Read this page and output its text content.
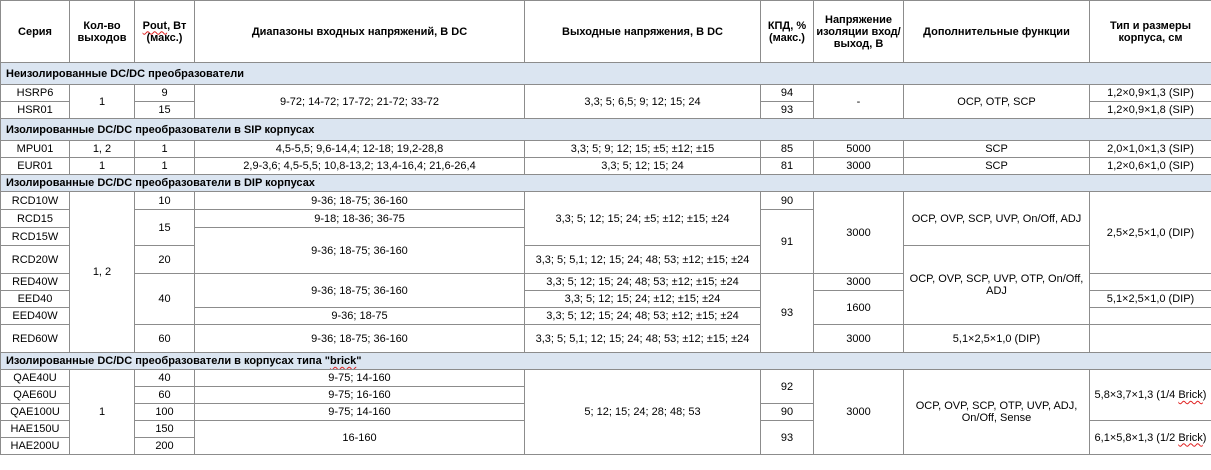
Серия	Кол-во выходов	Pout, Вт (макс.)	Диапазоны входных напряжений, В DC	Выходные напряжения, В DC	КПД, % (макс.)	Напряжение изоляции вход/выход, В	Дополнительные функции	Тип и размеры корпуса, см
Неизолированные DC/DC преобразователи								
HSRP6	1	9	9-72; 14-72; 17-72; 21-72; 33-72	3,3; 5; 6,5; 9; 12; 15; 24	94	-	OCP, OTP, SCP	1,2×0,9×1,3 (SIP)
HSR01		15			93			1,2×0,9×1,8 (SIP)
Изолированные DC/DC преобразователи в SIP корпусах								
MPU01	1, 2	1	4,5-5,5; 9,6-14,4; 12-18; 19,2-28,8	3,3; 5; 9; 12; 15; ±5; ±12; ±15	85	5000	SCP	2,0×1,0×1,3 (SIP)
EUR01	1	1	2,9-3,6; 4,5-5,5; 10,8-13,2; 13,4-16,4; 21,6-26,4	3,3; 5; 12; 15; 24	81	3000	SCP	1,2×0,6×1,0 (SIP)
Изолированные DC/DC преобразователи в DIP корпусах								
RCD10W	1, 2	10	9-36; 18-75; 36-160	3,3; 5; 12; 15; 24; ±5; ±12; ±15; ±24	90	3000	OCP, OVP, SCP, UVP, On/Off, ADJ	2,5×2,5×1,0 (DIP)
RCD15		15	9-18; 18-36; 36-75		91			
RCD15W			9-36; 18-75; 36-160					
RCD20W		20		3,3; 5; 5,1; 12; 15; 24; 48; 53; ±12; ±15; ±24			OCP, OVP, SCP, UVP, OTP, On/Off, ADJ	
RED40W		40	9-36; 18-75; 36-160	3,3; 5; 12; 15; 24; 48; 53; ±12; ±15; ±24	93	3000		
EED40				3,3; 5; 12; 15; 24; ±12; ±15; ±24		1600		5,1×2,5×1,0 (DIP)
EED40W			9-36; 18-75	3,3; 5; 12; 15; 24; 48; 53; ±12; ±15; ±24				
RED60W		60	9-36; 18-75; 36-160	3,3; 5; 5,1; 12; 15; 24; 48; 53; ±12; ±15; ±24		3000	5,1×2,5×1,0 (DIP)	
Изолированные DC/DC преобразователи в корпусах типа "brick"								
QAE40U	1	40	9-75; 14-160	5; 12; 15; 24; 28; 48; 53	92	3000	OCP, OVP, SCP, OTP, UVP, ADJ, On/Off, Sense	5,8×3,7×1,3 (1/4 Brick)
QAE60U		60	9-75; 16-160					
QAE100U		100	9-75; 14-160		90			
HAE150U		150	16-160		93			6,1×5,8×1,3 (1/2 Brick)
HAE200U		200						
